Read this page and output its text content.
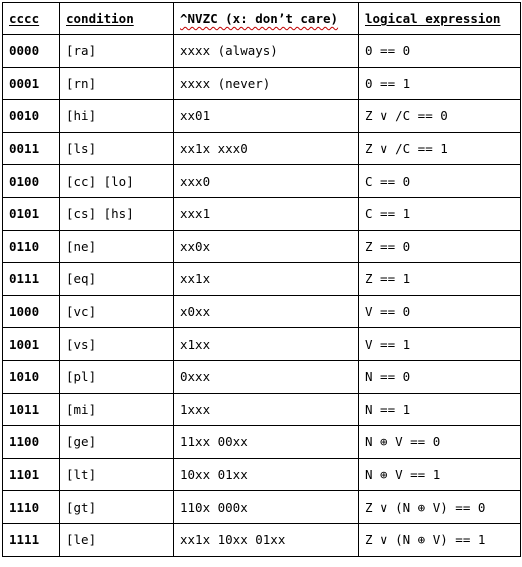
cccc	condition	^NVZC (x: don’t care)	logical expression
0000	[ra]	xxxx (always)	0 == 0
0001	[rn]	xxxx (never)	0 == 1
0010	[hi]	xx01	Z ∨ /C == 0
0011	[ls]	xx1x xxx0	Z ∨ /C == 1
0100	[cc] [lo]	xxx0	C == 0
0101	[cs] [hs]	xxx1	C == 1
0110	[ne]	xx0x	Z == 0
0111	[eq]	xx1x	Z == 1
1000	[vc]	x0xx	V == 0
1001	[vs]	x1xx	V == 1
1010	[pl]	0xxx	N == 0
1011	[mi]	1xxx	N == 1
1100	[ge]	11xx 00xx	N ⊕ V == 0
1101	[lt]	10xx 01xx	N ⊕ V == 1
1110	[gt]	110x 000x	Z ∨ (N ⊕ V) == 0
1111	[le]	xx1x 10xx 01xx	Z ∨ (N ⊕ V) == 1
